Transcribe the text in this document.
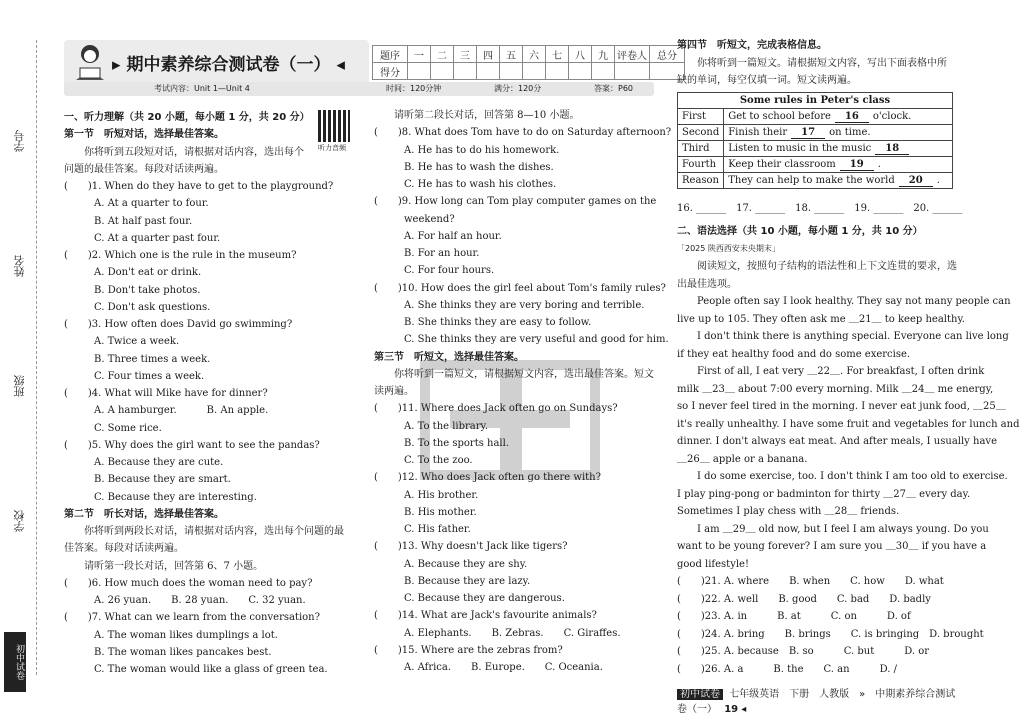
学号
姓名
班级
学校
初中试卷
▸ 期中素养综合测试卷（一） ◂	题序	一	二	三	四	五	六	七	八	九	评卷人	总分
得分											
考试内容：Unit 1—Unit 4	时间：120分钟	满分：120分	答案：P60
听力音频
一、听力理解（共 20 小题，每小题 1 分，共 20 分）
第一节　听短对话，选择最佳答案。
　　你将听到五段短对话，请根据对话内容，选出每个
问题的最佳答案。每段对话读两遍。
(　　)1. When do they have to get to the playground?
　　　A. At a quarter to four.
　　　B. At half past four.
　　　C. At a quarter past four.
(　　)2. Which one is the rule in the museum?
　　　A. Don't eat or drink.
　　　B. Don't take photos.
　　　C. Don't ask questions.
(　　)3. How often does David go swimming?
　　　A. Twice a week.
　　　B. Three times a week.
　　　C. Four times a week.
(　　)4. What will Mike have for dinner?
　　　A. A hamburger.　　　B. An apple.
　　　C. Some rice.
(　　)5. Why does the girl want to see the pandas?
　　　A. Because they are cute.
　　　B. Because they are smart.
　　　C. Because they are interesting.
第二节　听长对话，选择最佳答案。
　　你将听到两段长对话，请根据对话内容，选出每个问题的最
佳答案。每段对话读两遍。
　　请听第一段长对话，回答第 6、7 小题。
(　　)6. How much does the woman need to pay?
　　　A. 26 yuan.　　B. 28 yuan.　　C. 32 yuan.
(　　)7. What can we learn from the conversation?
　　　A. The woman likes dumplings a lot.
　　　B. The woman likes pancakes best.
　　　C. The woman would like a glass of green tea.
　　请听第二段长对话，回答第 8—10 小题。
(　　)8. What does Tom have to do on Saturday afternoon?
　　　A. He has to do his homework.
　　　B. He has to wash the dishes.
　　　C. He has to wash his clothes.
(　　)9. How long can Tom play computer games on the
　　　weekend?
　　　A. For half an hour.
　　　B. For an hour.
　　　C. For four hours.
(　　)10. How does the girl feel about Tom's family rules?
　　　A. She thinks they are very boring and terrible.
　　　B. She thinks they are easy to follow.
　　　C. She thinks they are very useful and good for him.
第三节　听短文，选择最佳答案。
　　你将听到一篇短文，请根据短文内容，选出最佳答案。短文
读两遍。
(　　)11. Where does Jack often go on Sundays?
　　　A. To the library.
　　　B. To the sports hall.
　　　C. To the zoo.
(　　)12. Who does Jack often go there with?
　　　A. His brother.
　　　B. His mother.
　　　C. His father.
(　　)13. Why doesn't Jack like tigers?
　　　A. Because they are shy.
　　　B. Because they are lazy.
　　　C. Because they are dangerous.
(　　)14. What are Jack's favourite animals?
　　　A. Elephants.　　B. Zebras.　　C. Giraffes.
(　　)15. Where are the zebras from?
　　　A. Africa.　　B. Europe.　　C. Oceania.
第四节　听短文，完成表格信息。
　　你将听到一篇短文。请根据短文内容，写出下面表格中所
缺的单词，每空仅填一词。短文读两遍。
Some rules in Peter's class	
First	Get to school before 16 o'clock.
Second	Finish their 17 on time.
Third	Listen to music in the music 18
Fourth	Keep their classroom 19 .
Reason	They can help to make the world 20 .
16. ______　17. ______　18. ______　19. ______　20. ______
二、语法选择（共 10 小题，每小题 1 分，共 10 分）
「2025 陕西西安未央期末」
　　阅读短文，按照句子结构的语法性和上下文连贯的要求，选
出最佳选项。
　　People often say I look healthy. They say not many people can
live up to 105. They often ask me ＿21＿ to keep healthy.
　　I don't think there is anything special. Everyone can live long
if they eat healthy food and do some exercise.
　　First of all, I eat very ＿22＿. For breakfast, I often drink
milk ＿23＿ about 7:00 every morning. Milk ＿24＿ me energy,
so I never feel tired in the morning. I never eat junk food, ＿25＿
it's really unhealthy. I have some fruit and vegetables for lunch and
dinner. I don't always eat meat. And after meals, I usually have
＿26＿ apple or a banana.
　　I do some exercise, too. I don't think I am too old to exercise.
I play ping-pong or badminton for thirty ＿27＿ every day.
Sometimes I play chess with ＿28＿ friends.
　　I am ＿29＿ old now, but I feel I am always young. Do you
want to be young forever? I am sure you ＿30＿ if you have a
good lifestyle!
(　　)21. A. where　　B. when　　C. how　　D. what
(　　)22. A. well　　B. good　　C. bad　　D. badly
(　　)23. A. in　　　B. at　　　C. on　　　D. of
(　　)24. A. bring　　B. brings　　C. is bringing　D. brought
(　　)25. A. because　B. so　　　C. but　　　D. or
(　　)26. A. a　　　B. the　　C. an　　　D. /
初中试卷 七年级英语　下册　人教版　»　中期素养综合测试卷（一） 19 ◂
